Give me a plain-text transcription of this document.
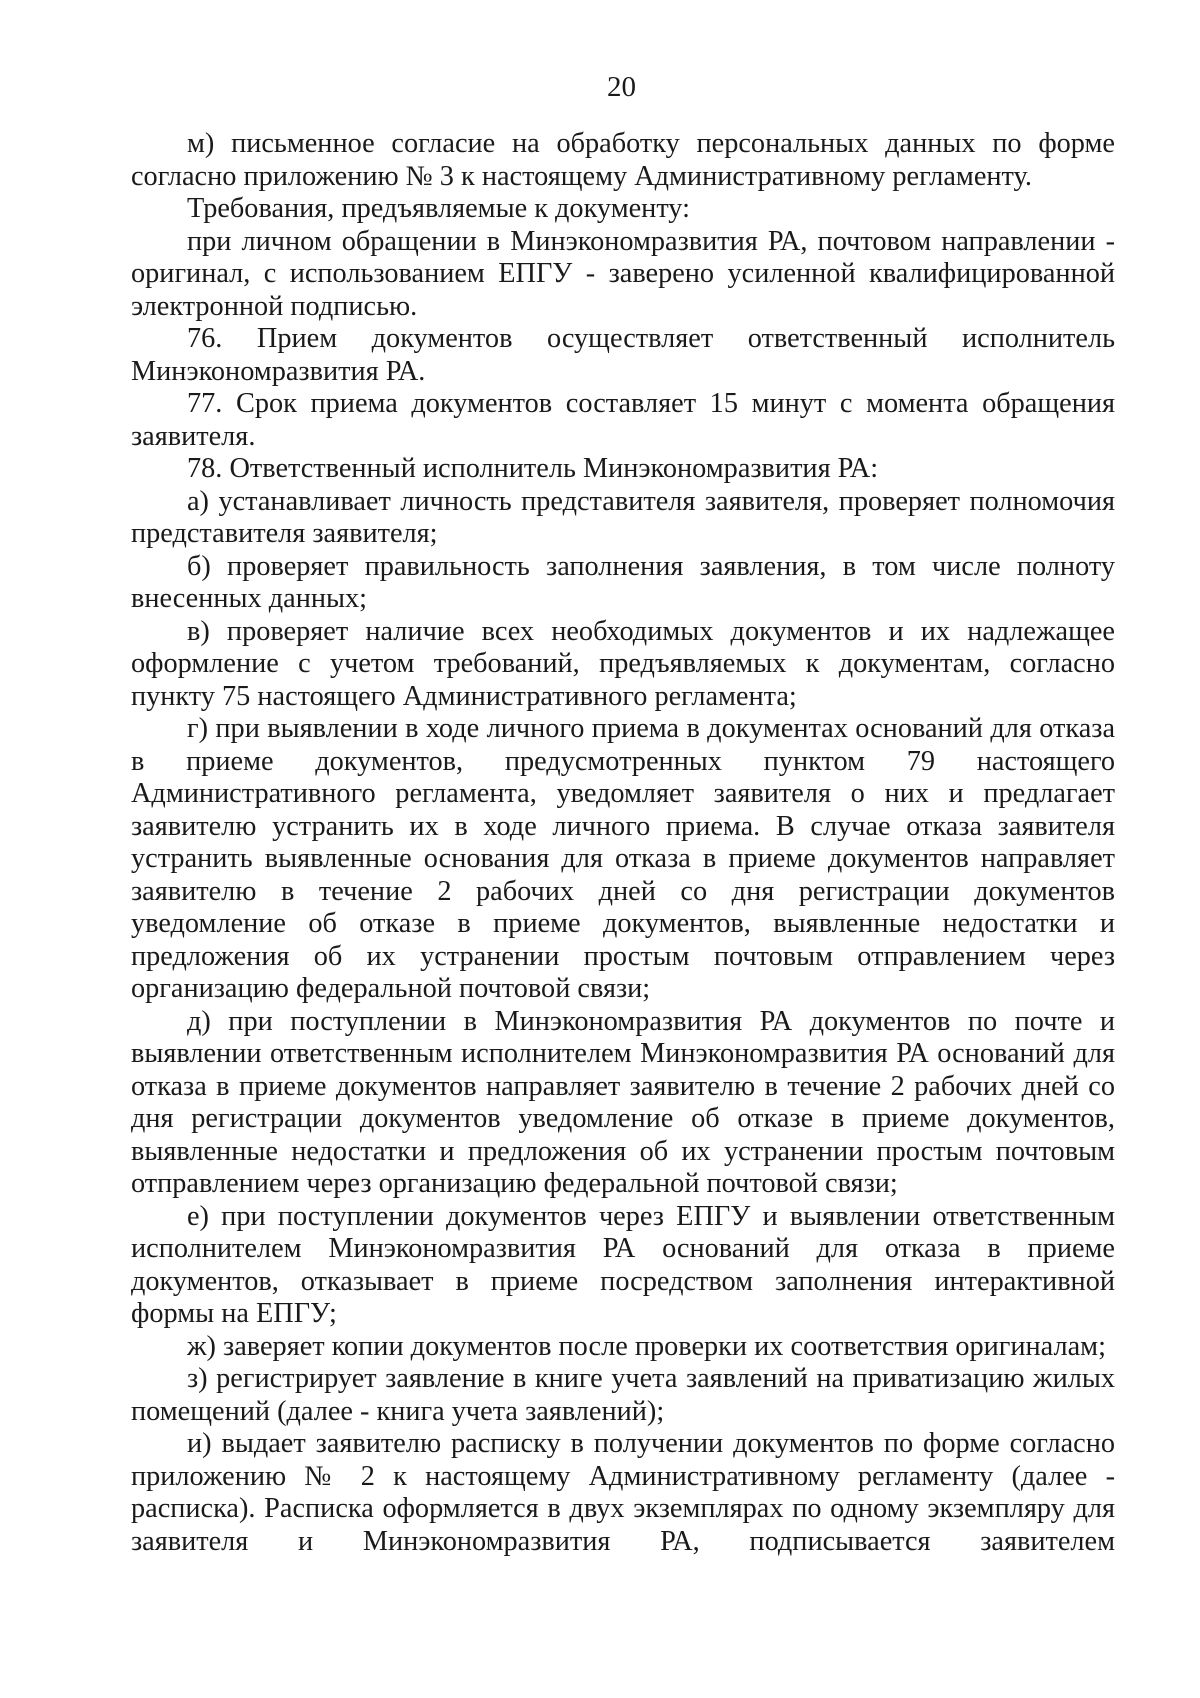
20

м) письменное согласие на обработку персональных данных по форме согласно приложению № 3 к настоящему Административному регламенту.

Требования, предъявляемые к документу:

при личном обращении в Минэкономразвития РА, почтовом направлении - оригинал, с использованием ЕПГУ - заверено усиленной квалифицированной электронной подписью.

76. Прием документов осуществляет ответственный исполнитель Минэкономразвития РА.

77. Срок приема документов составляет 15 минут с момента обращения заявителя.

78. Ответственный исполнитель Минэкономразвития РА:

а) устанавливает личность представителя заявителя, проверяет полномочия представителя заявителя;

б) проверяет правильность заполнения заявления, в том числе полноту внесенных данных;

в) проверяет наличие всех необходимых документов и их надлежащее оформление с учетом требований, предъявляемых к документам, согласно пункту 75 настоящего Административного регламента;

г) при выявлении в ходе личного приема в документах оснований для отказа в приеме документов, предусмотренных пунктом 79 настоящего Административного регламента, уведомляет заявителя о них и предлагает заявителю устранить их в ходе личного приема. В случае отказа заявителя устранить выявленные основания для отказа в приеме документов направляет заявителю в течение 2 рабочих дней со дня регистрации документов уведомление об отказе в приеме документов, выявленные недостатки и предложения об их устранении простым почтовым отправлением через организацию федеральной почтовой связи;

д) при поступлении в Минэкономразвития РА документов по почте и выявлении ответственным исполнителем Минэкономразвития РА оснований для отказа в приеме документов направляет заявителю в течение 2 рабочих дней со дня регистрации документов уведомление об отказе в приеме документов, выявленные недостатки и предложения об их устранении простым почтовым отправлением через организацию федеральной почтовой связи;

е) при поступлении документов через ЕПГУ и выявлении ответственным исполнителем Минэкономразвития РА оснований для отказа в приеме документов, отказывает в приеме посредством заполнения интерактивной формы на ЕПГУ;

ж) заверяет копии документов после проверки их соответствия оригиналам;

з) регистрирует заявление в книге учета заявлений на приватизацию жилых помещений (далее - книга учета заявлений);

и) выдает заявителю расписку в получении документов по форме согласно приложению № 2 к настоящему Административному регламенту (далее - расписка). Расписка оформляется в двух экземплярах по одному экземпляру для заявителя и Минэкономразвития РА, подписывается заявителем
